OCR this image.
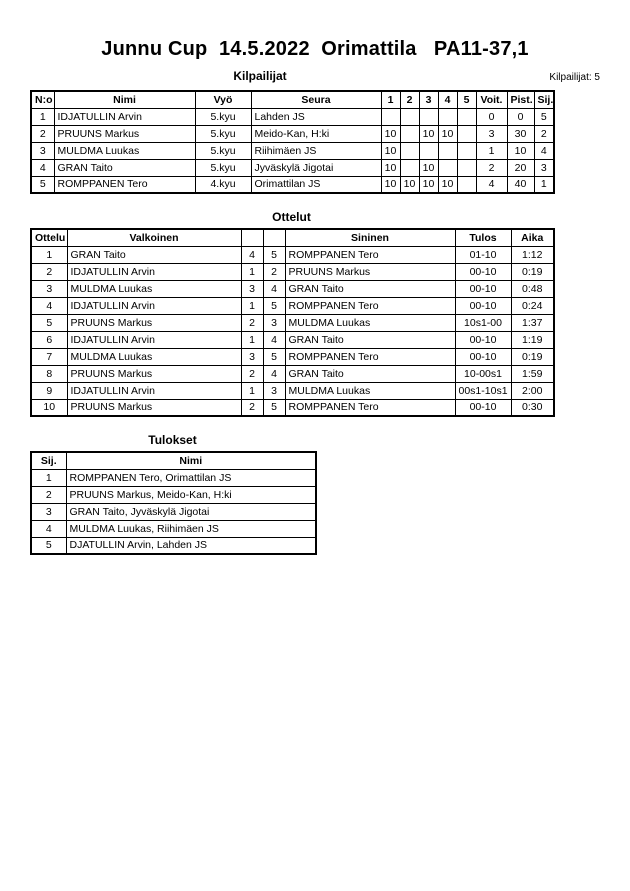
Junnu Cup  14.5.2022  Orimattila   PA11-37,1
Kilpailijat	Kilpailijat: 5
N:o	Nimi	Vyö	Seura	1	2	3	4	5	Voit.	Pist.	Sij.
1	IDJATULLIN Arvin	5.kyu	Lahden JS						0	0	5
2	PRUUNS Markus	5.kyu	Meido-Kan, H:ki	10		10	10		3	30	2
3	MULDMA Luukas	5.kyu	Riihimäen JS	10					1	10	4
4	GRAN Taito	5.kyu	Jyväskylä Jigotai	10		10			2	20	3
5	ROMPPANEN Tero	4.kyu	Orimattilan JS	10	10	10	10		4	40	1
Ottelut
Ottelu	Valkoinen			Sininen	Tulos	Aika
1	GRAN Taito	4	5	ROMPPANEN Tero	01-10	1:12
2	IDJATULLIN Arvin	1	2	PRUUNS Markus	00-10	0:19
3	MULDMA Luukas	3	4	GRAN Taito	00-10	0:48
4	IDJATULLIN Arvin	1	5	ROMPPANEN Tero	00-10	0:24
5	PRUUNS Markus	2	3	MULDMA Luukas	10s1-00	1:37
6	IDJATULLIN Arvin	1	4	GRAN Taito	00-10	1:19
7	MULDMA Luukas	3	5	ROMPPANEN Tero	00-10	0:19
8	PRUUNS Markus	2	4	GRAN Taito	10-00s1	1:59
9	IDJATULLIN Arvin	1	3	MULDMA Luukas	00s1-10s1	2:00
10	PRUUNS Markus	2	5	ROMPPANEN Tero	00-10	0:30
Tulokset
Sij.	Nimi
1	ROMPPANEN Tero, Orimattilan JS
2	PRUUNS Markus, Meido-Kan, H:ki
3	GRAN Taito, Jyväskylä Jigotai
4	MULDMA Luukas, Riihimäen JS
5	DJATULLIN Arvin, Lahden JS
